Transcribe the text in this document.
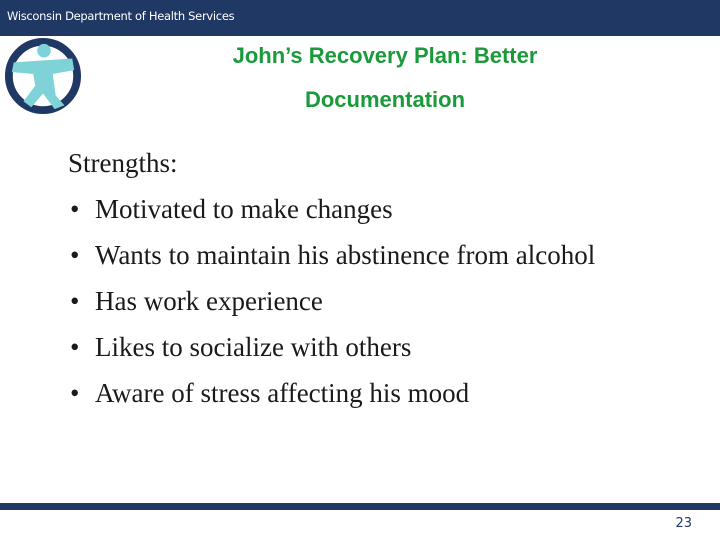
Wisconsin Department of Health Services
John’s Recovery Plan: Better
Documentation
Strengths:
• Motivated to make changes
• Wants to maintain his abstinence from alcohol
• Has work experience
• Likes to socialize with others
• Aware of stress affecting his mood
23
